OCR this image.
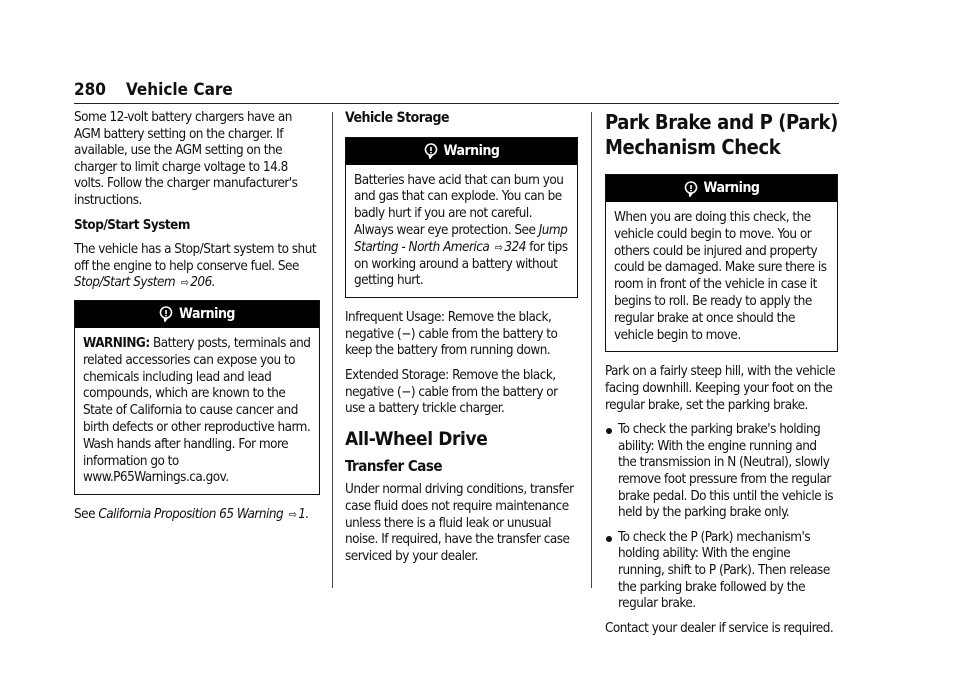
280 Vehicle Care

Some 12-volt battery chargers have an AGM battery setting on the charger. If available, use the AGM setting on the charger to limit charge voltage to 14.8 volts. Follow the charger manufacturer's instructions.

Stop/Start System

The vehicle has a Stop/Start system to shut off the engine to help conserve fuel. See Stop/Start System ⇨ 206.

Warning
WARNING: Battery posts, terminals and related accessories can expose you to chemicals including lead and lead compounds, which are known to the State of California to cause cancer and birth defects or other reproductive harm. Wash hands after handling. For more information go to www.P65Warnings.ca.gov.

See California Proposition 65 Warning ⇨ 1.

Vehicle Storage

Warning
Batteries have acid that can burn you and gas that can explode. You can be badly hurt if you are not careful. Always wear eye protection. See Jump Starting - North America ⇨ 324 for tips on working around a battery without getting hurt.

Infrequent Usage: Remove the black, negative (−) cable from the battery to keep the battery from running down.

Extended Storage: Remove the black, negative (−) cable from the battery or use a battery trickle charger.

All-Wheel Drive
Transfer Case

Under normal driving conditions, transfer case fluid does not require maintenance unless there is a fluid leak or unusual noise. If required, have the transfer case serviced by your dealer.

Park Brake and P (Park) Mechanism Check
Warning
When you are doing this check, the vehicle could begin to move. You or others could be injured and property could be damaged. Make sure there is room in front of the vehicle in case it begins to roll. Be ready to apply the regular brake at once should the vehicle begin to move.

Park on a fairly steep hill, with the vehicle facing downhill. Keeping your foot on the regular brake, set the parking brake.

To check the parking brake's holding ability: With the engine running and the transmission in N (Neutral), slowly remove foot pressure from the regular brake pedal. Do this until the vehicle is held by the parking brake only.
To check the P (Park) mechanism's holding ability: With the engine running, shift to P (Park). Then release the parking brake followed by the regular brake.

Contact your dealer if service is required.
